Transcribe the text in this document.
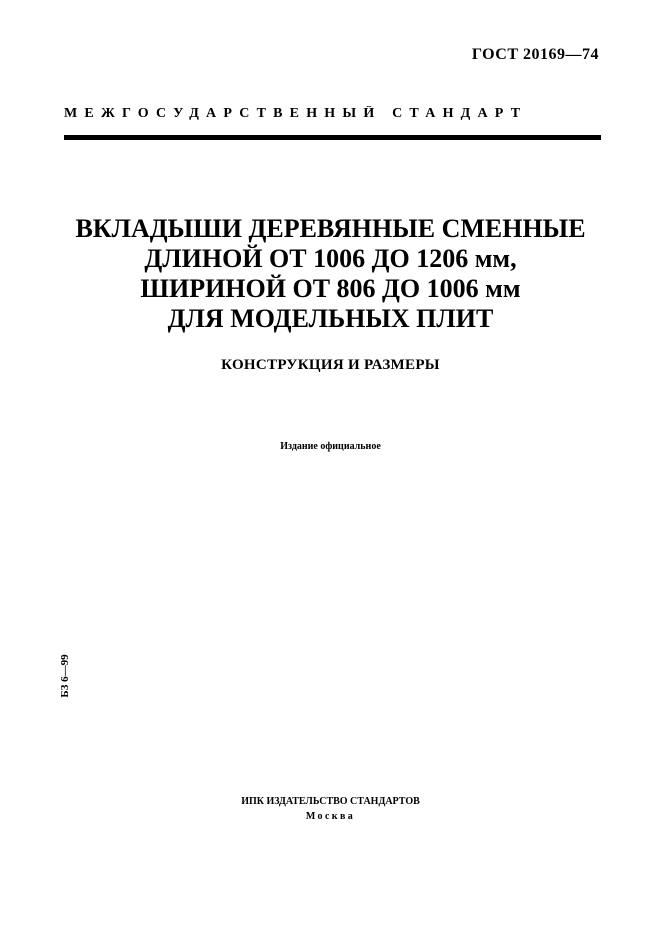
ГОСТ 20169—74
МЕЖГОСУДАРСТВЕННЫЙ СТАНДАРТ
ВКЛАДЫШИ ДЕРЕВЯННЫЕ СМЕННЫЕ
ДЛИНОЙ ОТ 1006 ДО 1206 мм,
ШИРИНОЙ ОТ 806 ДО 1006 мм
ДЛЯ МОДЕЛЬНЫХ ПЛИТ
КОНСТРУКЦИЯ И РАЗМЕРЫ
Издание официальное
БЗ 6—99
ИПК ИЗДАТЕЛЬСТВО СТАНДАРТОВ
Москва
